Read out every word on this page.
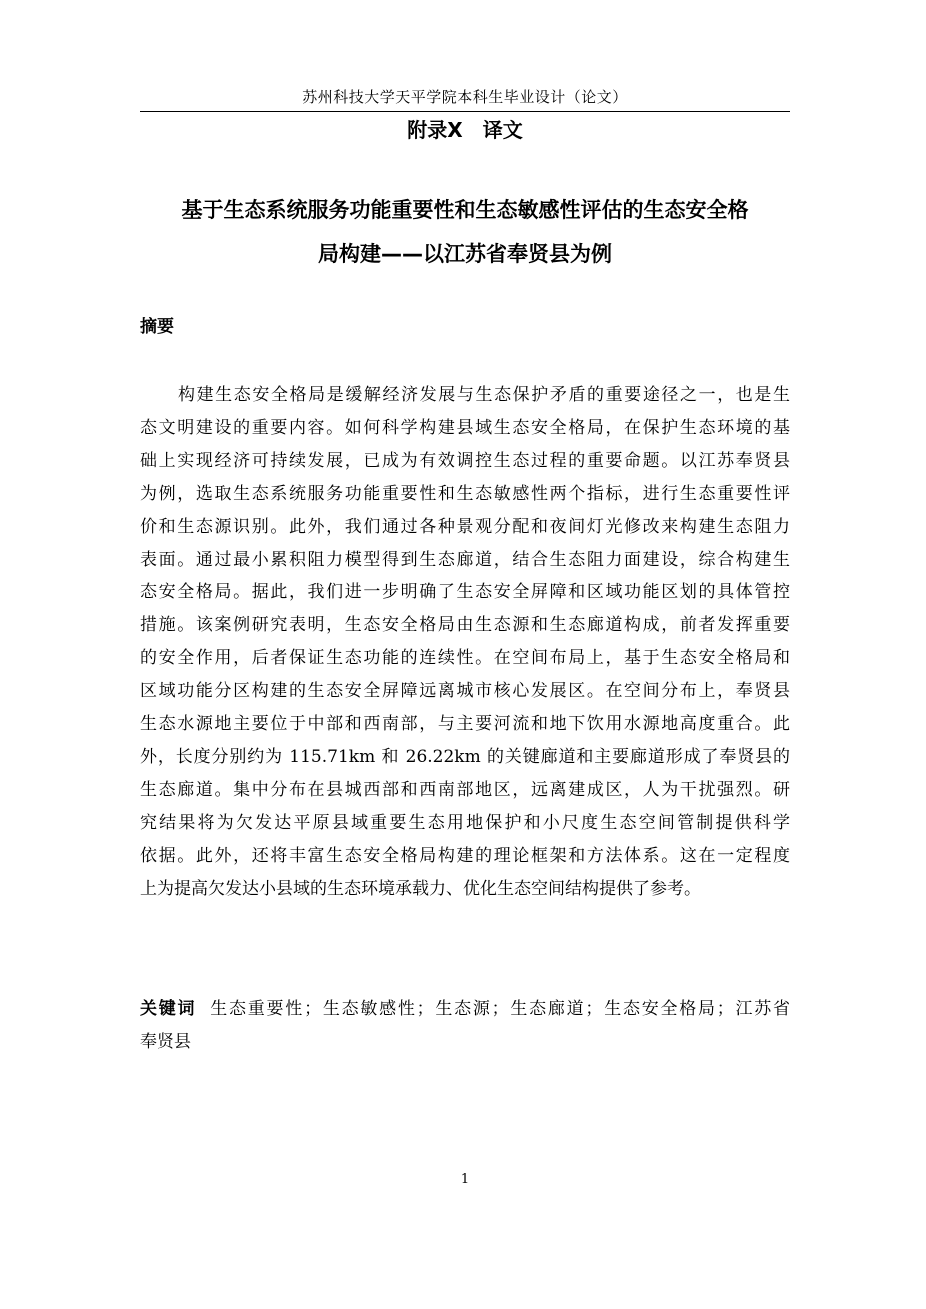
苏州科技大学天平学院本科生毕业设计（论文）
附录X　译文
基于生态系统服务功能重要性和生态敏感性评估的生态安全格
局构建——以江苏省奉贤县为例
摘要
构建生态安全格局是缓解经济发展与生态保护矛盾的重要途径之一，也是生
态文明建设的重要内容。如何科学构建县域生态安全格局，在保护生态环境的基
础上实现经济可持续发展，已成为有效调控生态过程的重要命题。以江苏奉贤县
为例，选取生态系统服务功能重要性和生态敏感性两个指标，进行生态重要性评
价和生态源识别。此外，我们通过各种景观分配和夜间灯光修改来构建生态阻力
表面。通过最小累积阻力模型得到生态廊道，结合生态阻力面建设，综合构建生
态安全格局。据此，我们进一步明确了生态安全屏障和区域功能区划的具体管控
措施。该案例研究表明，生态安全格局由生态源和生态廊道构成，前者发挥重要
的安全作用，后者保证生态功能的连续性。在空间布局上，基于生态安全格局和
区域功能分区构建的生态安全屏障远离城市核心发展区。在空间分布上，奉贤县
生态水源地主要位于中部和西南部，与主要河流和地下饮用水源地高度重合。此
外，长度分别约为 115.71km 和 26.22km 的关键廊道和主要廊道形成了奉贤县的
生态廊道。集中分布在县城西部和西南部地区，远离建成区，人为干扰强烈。研
究结果将为欠发达平原县域重要生态用地保护和小尺度生态空间管制提供科学
依据。此外，还将丰富生态安全格局构建的理论框架和方法体系。这在一定程度
上为提高欠发达小县域的生态环境承载力、优化生态空间结构提供了参考。
关键词 生态重要性；生态敏感性；生态源；生态廊道；生态安全格局；江苏省
奉贤县
1
